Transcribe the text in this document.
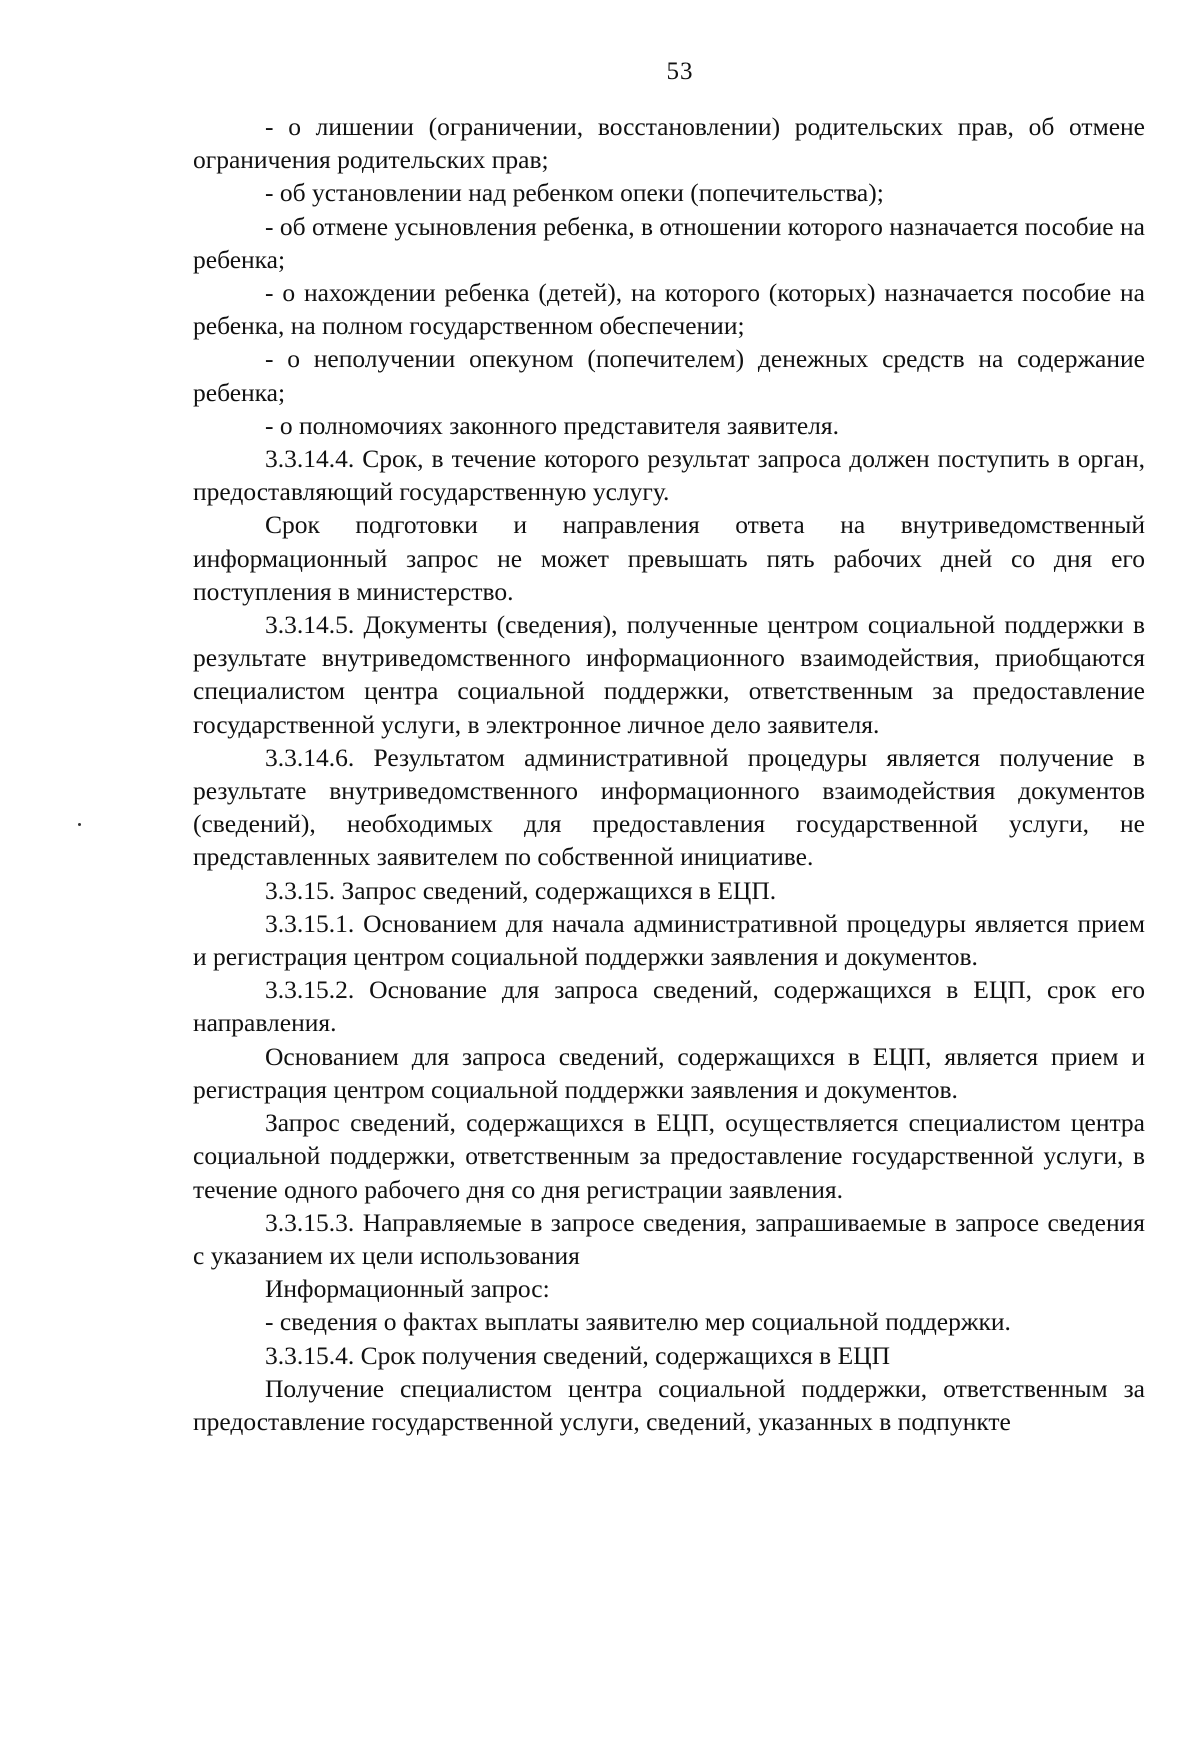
53

- о лишении (ограничении, восстановлении) родительских прав, об отмене ограничения родительских прав;

- об установлении над ребенком опеки (попечительства);

- об отмене усыновления ребенка, в отношении которого назначается пособие на ребенка;

- о нахождении ребенка (детей), на которого (которых) назначается пособие на ребенка, на полном государственном обеспечении;

- о неполучении опекуном (попечителем) денежных средств на содержание ребенка;

- о полномочиях законного представителя заявителя.

3.3.14.4. Срок, в течение которого результат запроса должен поступить в орган, предоставляющий государственную услугу.

Срок подготовки и направления ответа на внутриведомственный информационный запрос не может превышать пять рабочих дней со дня его поступления в министерство.

3.3.14.5. Документы (сведения), полученные центром социальной поддержки в результате внутриведомственного информационного взаимодействия, приобщаются специалистом центра социальной поддержки, ответственным за предоставление государственной услуги, в электронное личное дело заявителя.

3.3.14.6. Результатом административной процедуры является получение в результате внутриведомственного информационного взаимодействия документов (сведений), необходимых для предоставления государственной услуги, не представленных заявителем по собственной инициативе.

3.3.15. Запрос сведений, содержащихся в ЕЦП.

3.3.15.1. Основанием для начала административной процедуры является прием и регистрация центром социальной поддержки заявления и документов.

3.3.15.2. Основание для запроса сведений, содержащихся в ЕЦП, срок его направления.

Основанием для запроса сведений, содержащихся в ЕЦП, является прием и регистрация центром социальной поддержки заявления и документов.

Запрос сведений, содержащихся в ЕЦП, осуществляется специалистом центра социальной поддержки, ответственным за предоставление государственной услуги, в течение одного рабочего дня со дня регистрации заявления.

3.3.15.3. Направляемые в запросе сведения, запрашиваемые в запросе сведения с указанием их цели использования

Информационный запрос:

- сведения о фактах выплаты заявителю мер социальной поддержки.

3.3.15.4. Срок получения сведений, содержащихся в ЕЦП

Получение специалистом центра социальной поддержки, ответственным за предоставление государственной услуги, сведений, указанных в подпункте
